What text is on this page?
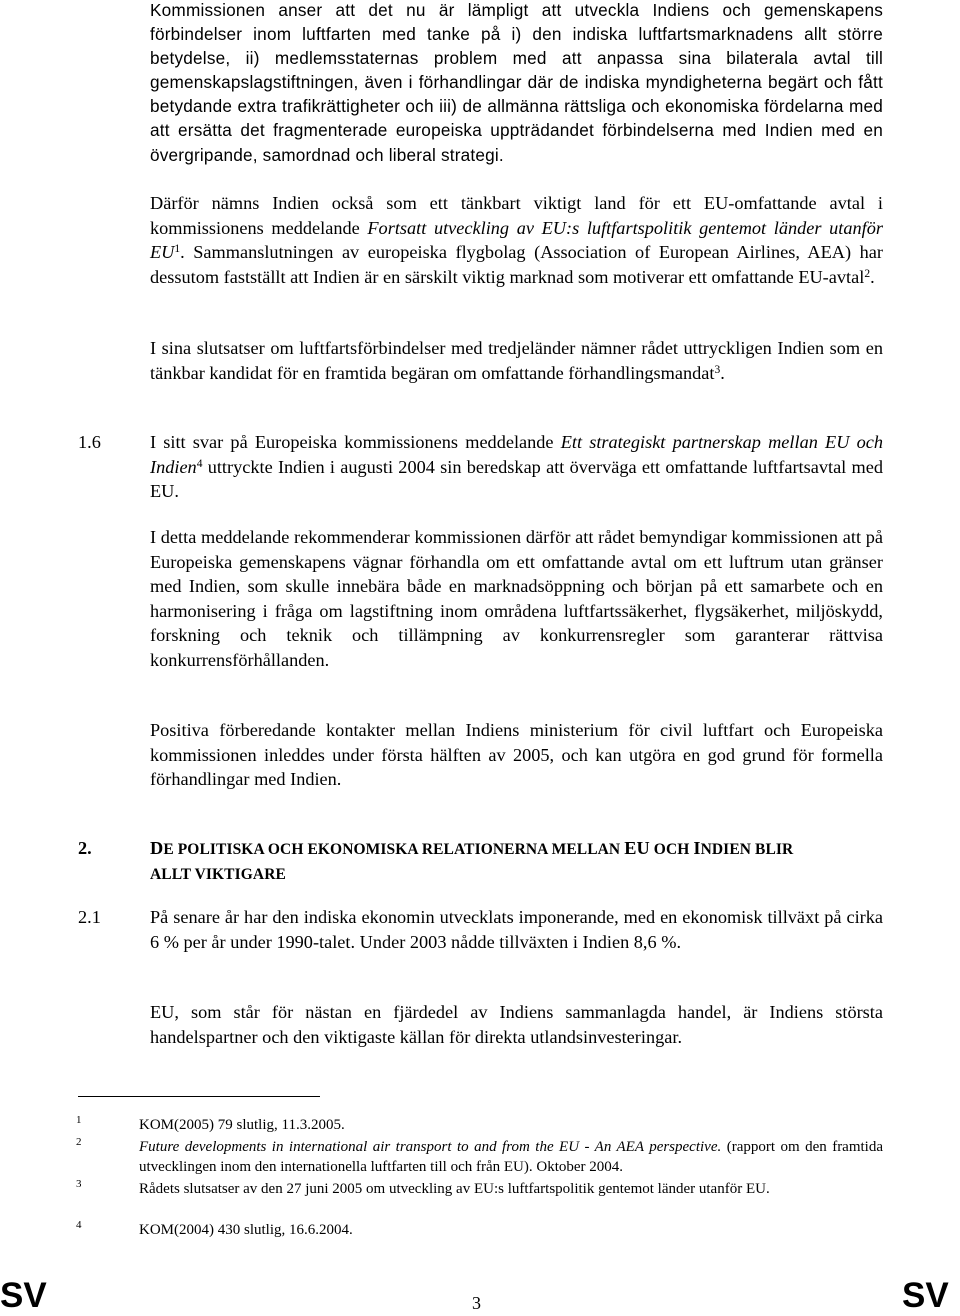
Kommissionen anser att det nu är lämpligt att utveckla Indiens och gemenskapens förbindelser inom luftfarten med tanke på i) den indiska luftfartsmarknadens allt större betydelse, ii) medlemsstaternas problem med att anpassa sina bilaterala avtal till gemenskapslagstiftningen, även i förhandlingar där de indiska myndigheterna begärt och fått betydande extra trafikrättigheter och iii) de allmänna rättsliga och ekonomiska fördelarna med att ersätta det fragmenterade europeiska uppträdandet förbindelserna med Indien med en övergripande, samordnad och liberal strategi.
Därför nämns Indien också som ett tänkbart viktigt land för ett EU-omfattande avtal i kommissionens meddelande Fortsatt utveckling av EU:s luftfartspolitik gentemot länder utanför $EU^1$. Sammanslutningen av europeiska flygbolag (Association of European Airlines, AEA) har dessutom fastställt att Indien är en särskilt viktig marknad som motiverar ett omfattande EU-avtal$^2$.
I sina slutsatser om luftfartsförbindelser med tredjeländer nämner rådet uttryckligen Indien som en tänkbar kandidat för en framtida begäran om omfattande förhandlingsmandat$^3$.
1.6	I sitt svar på Europeiska kommissionens meddelande Ett strategiskt partnerskap mellan EU och Indien$^4$ uttryckte Indien i augusti 2004 sin beredskap att överväga ett omfattande luftfartsavtal med EU.
I detta meddelande rekommenderar kommissionen därför att rådet bemyndigar kommissionen att på Europeiska gemenskapens vägnar förhandla om ett omfattande avtal om ett luftrum utan gränser med Indien, som skulle innebära både en marknadsöppning och början på ett samarbete och en harmonisering i fråga om lagstiftning inom områdena luftfartssäkerhet, flygsäkerhet, miljöskydd, forskning och teknik och tillämpning av konkurrensregler som garanterar rättvisa konkurrensförhållanden.
Positiva förberedande kontakter mellan Indiens ministerium för civil luftfart och Europeiska kommissionen inleddes under första hälften av 2005, och kan utgöra en god grund för formella förhandlingar med Indien.
2.	DE POLITISKA OCH EKONOMISKA RELATIONERNA MELLAN EU OCH INDIEN BLIR
ALLT VIKTIGARE
2.1	På senare år har den indiska ekonomin utvecklats imponerande, med en ekonomisk tillväxt på cirka 6 % per år under 1990-talet. Under 2003 nådde tillväxten i Indien 8,6 %.
EU, som står för nästan en fjärdedel av Indiens sammanlagda handel, är Indiens största handelspartner och den viktigaste källan för direkta utlandsinvesteringar.
1	KOM(2005) 79 slutlig, 11.3.2005.
2	Future developments in international air transport to and from the EU - An AEA perspective. (rapport om den framtida utvecklingen inom den internationella luftfarten till och från EU). Oktober 2004.
3	Rådets slutsatser av den 27 juni 2005 om utveckling av EU:s luftfartspolitik gentemot länder utanför EU.
4	KOM(2004) 430 slutlig, 16.6.2004.
SV	3	SV
